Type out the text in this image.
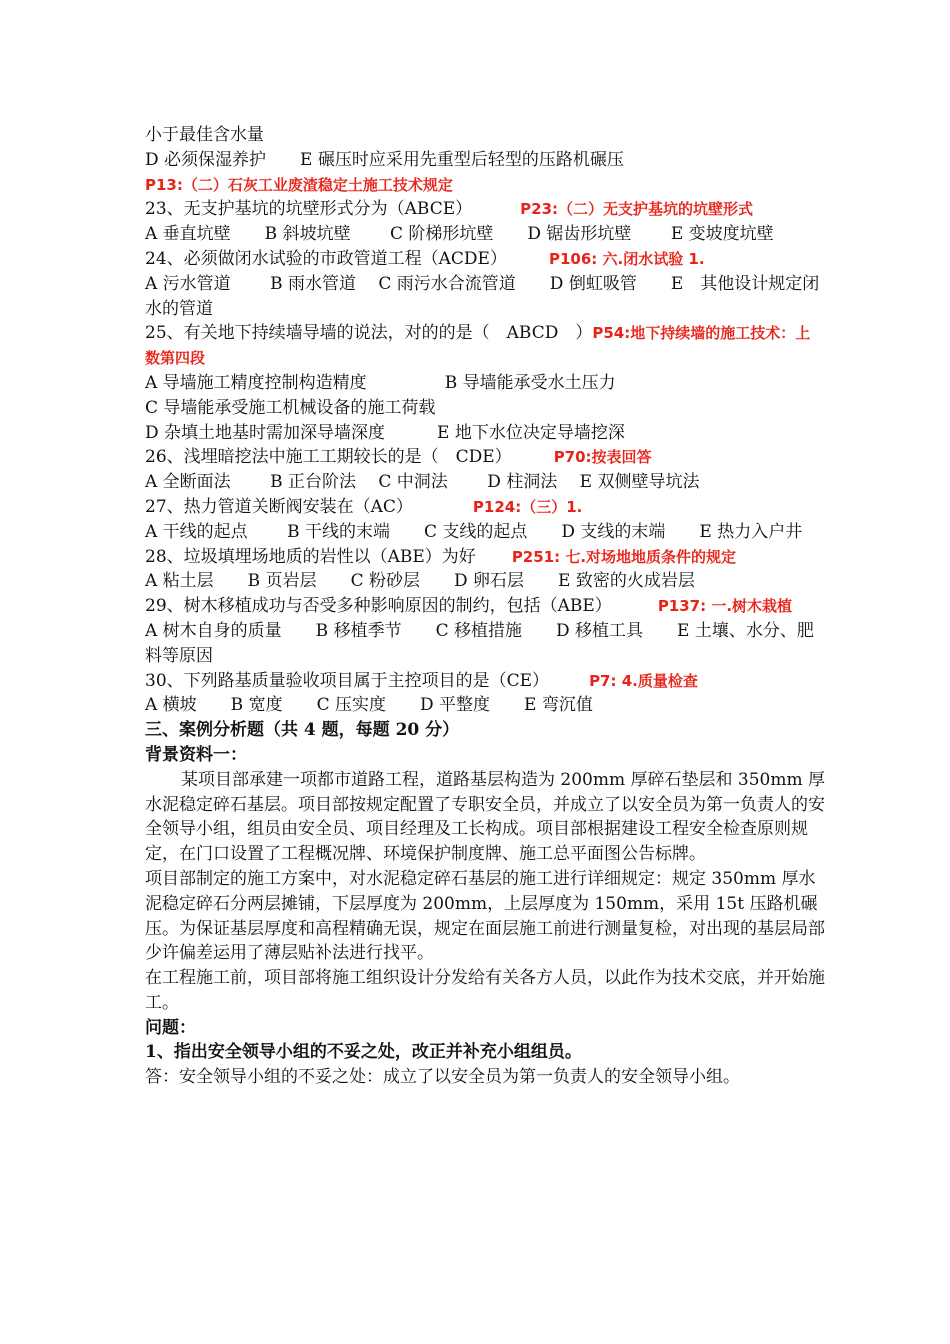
小于最佳含水量
D 必须保湿养护 E 碾压时应采用先重型后轻型的压路机碾压
P13:（二）石灰工业废渣稳定土施工技术规定
23、无支护基坑的坑壁形式分为（ABCE）	P23:（二）无支护基坑的坑壁形式
A 垂直坑壁　　B 斜坡坑壁　　 C 阶梯形坑壁　　D 锯齿形坑壁　　 E 变坡度坑壁
24、必须做闭水试验的市政管道工程（ACDE）	P106: 六.闭水试验 1.
A 污水管道　　 B 雨水管道　 C 雨污水合流管道　　D 倒虹吸管　　E　其他设计规定闭水的管道
25、有关地下持续墙导墙的说法，对的的是（　ABCD　）P54:地下持续墙的施工技术：上数第四段
A 导墙施工精度控制构造精度	B 导墙能承受水土压力
C 导墙能承受施工机械设备的施工荷载
D 杂填土地基时需加深导墙深度	E 地下水位决定导墙挖深
26、浅埋暗挖法中施工工期较长的是（　CDE）	P70:按表回答
A 全断面法　　 B 正台阶法　 C 中洞法　　 D 柱洞法　 E 双侧壁导坑法
27、热力管道关断阀安装在（AC）	P124:（三）1.
A 干线的起点　　 B 干线的末端　　C 支线的起点　　D 支线的末端　　E 热力入户井
28、垃圾填埋场地质的岩性以（ABE）为好 P251: 七.对场地地质条件的规定
A 粘土层　　B 页岩层　　C 粉砂层　　D 卵石层　　E 致密的火成岩层
29、树木移植成功与否受多种影响原因的制约，包括（ABE）	P137: 一.树木栽植
A 树木自身的质量　　B 移植季节　　C 移植措施　　D 移植工具　　E 土壤、水分、肥料等原因
30、下列路基质量验收项目属于主控项目的是（CE）	P7: 4.质量检查
A 横坡　　B 宽度　　C 压实度　　D 平整度　　E 弯沉值
三、案例分析题（共 4 题，每题 20 分）
背景资料一：
某项目部承建一项都市道路工程，道路基层构造为 200mm 厚碎石垫层和 350mm 厚水泥稳定碎石基层。项目部按规定配置了专职安全员，并成立了以安全员为第一负责人的安全领导小组，组员由安全员、项目经理及工长构成。项目部根据建设工程安全检查原则规定，在门口设置了工程概况牌、环境保护制度牌、施工总平面图公告标牌。
项目部制定的施工方案中，对水泥稳定碎石基层的施工进行详细规定：规定 350mm 厚水泥稳定碎石分两层摊铺，下层厚度为 200mm，上层厚度为 150mm，采用 15t 压路机碾压。为保证基层厚度和高程精确无误，规定在面层施工前进行测量复检，对出现的基层局部少许偏差运用了薄层贴补法进行找平。
在工程施工前，项目部将施工组织设计分发给有关各方人员，以此作为技术交底，并开始施工。
问题：
1、指出安全领导小组的不妥之处，改正并补充小组组员。
答：安全领导小组的不妥之处：成立了以安全员为第一负责人的安全领导小组。
